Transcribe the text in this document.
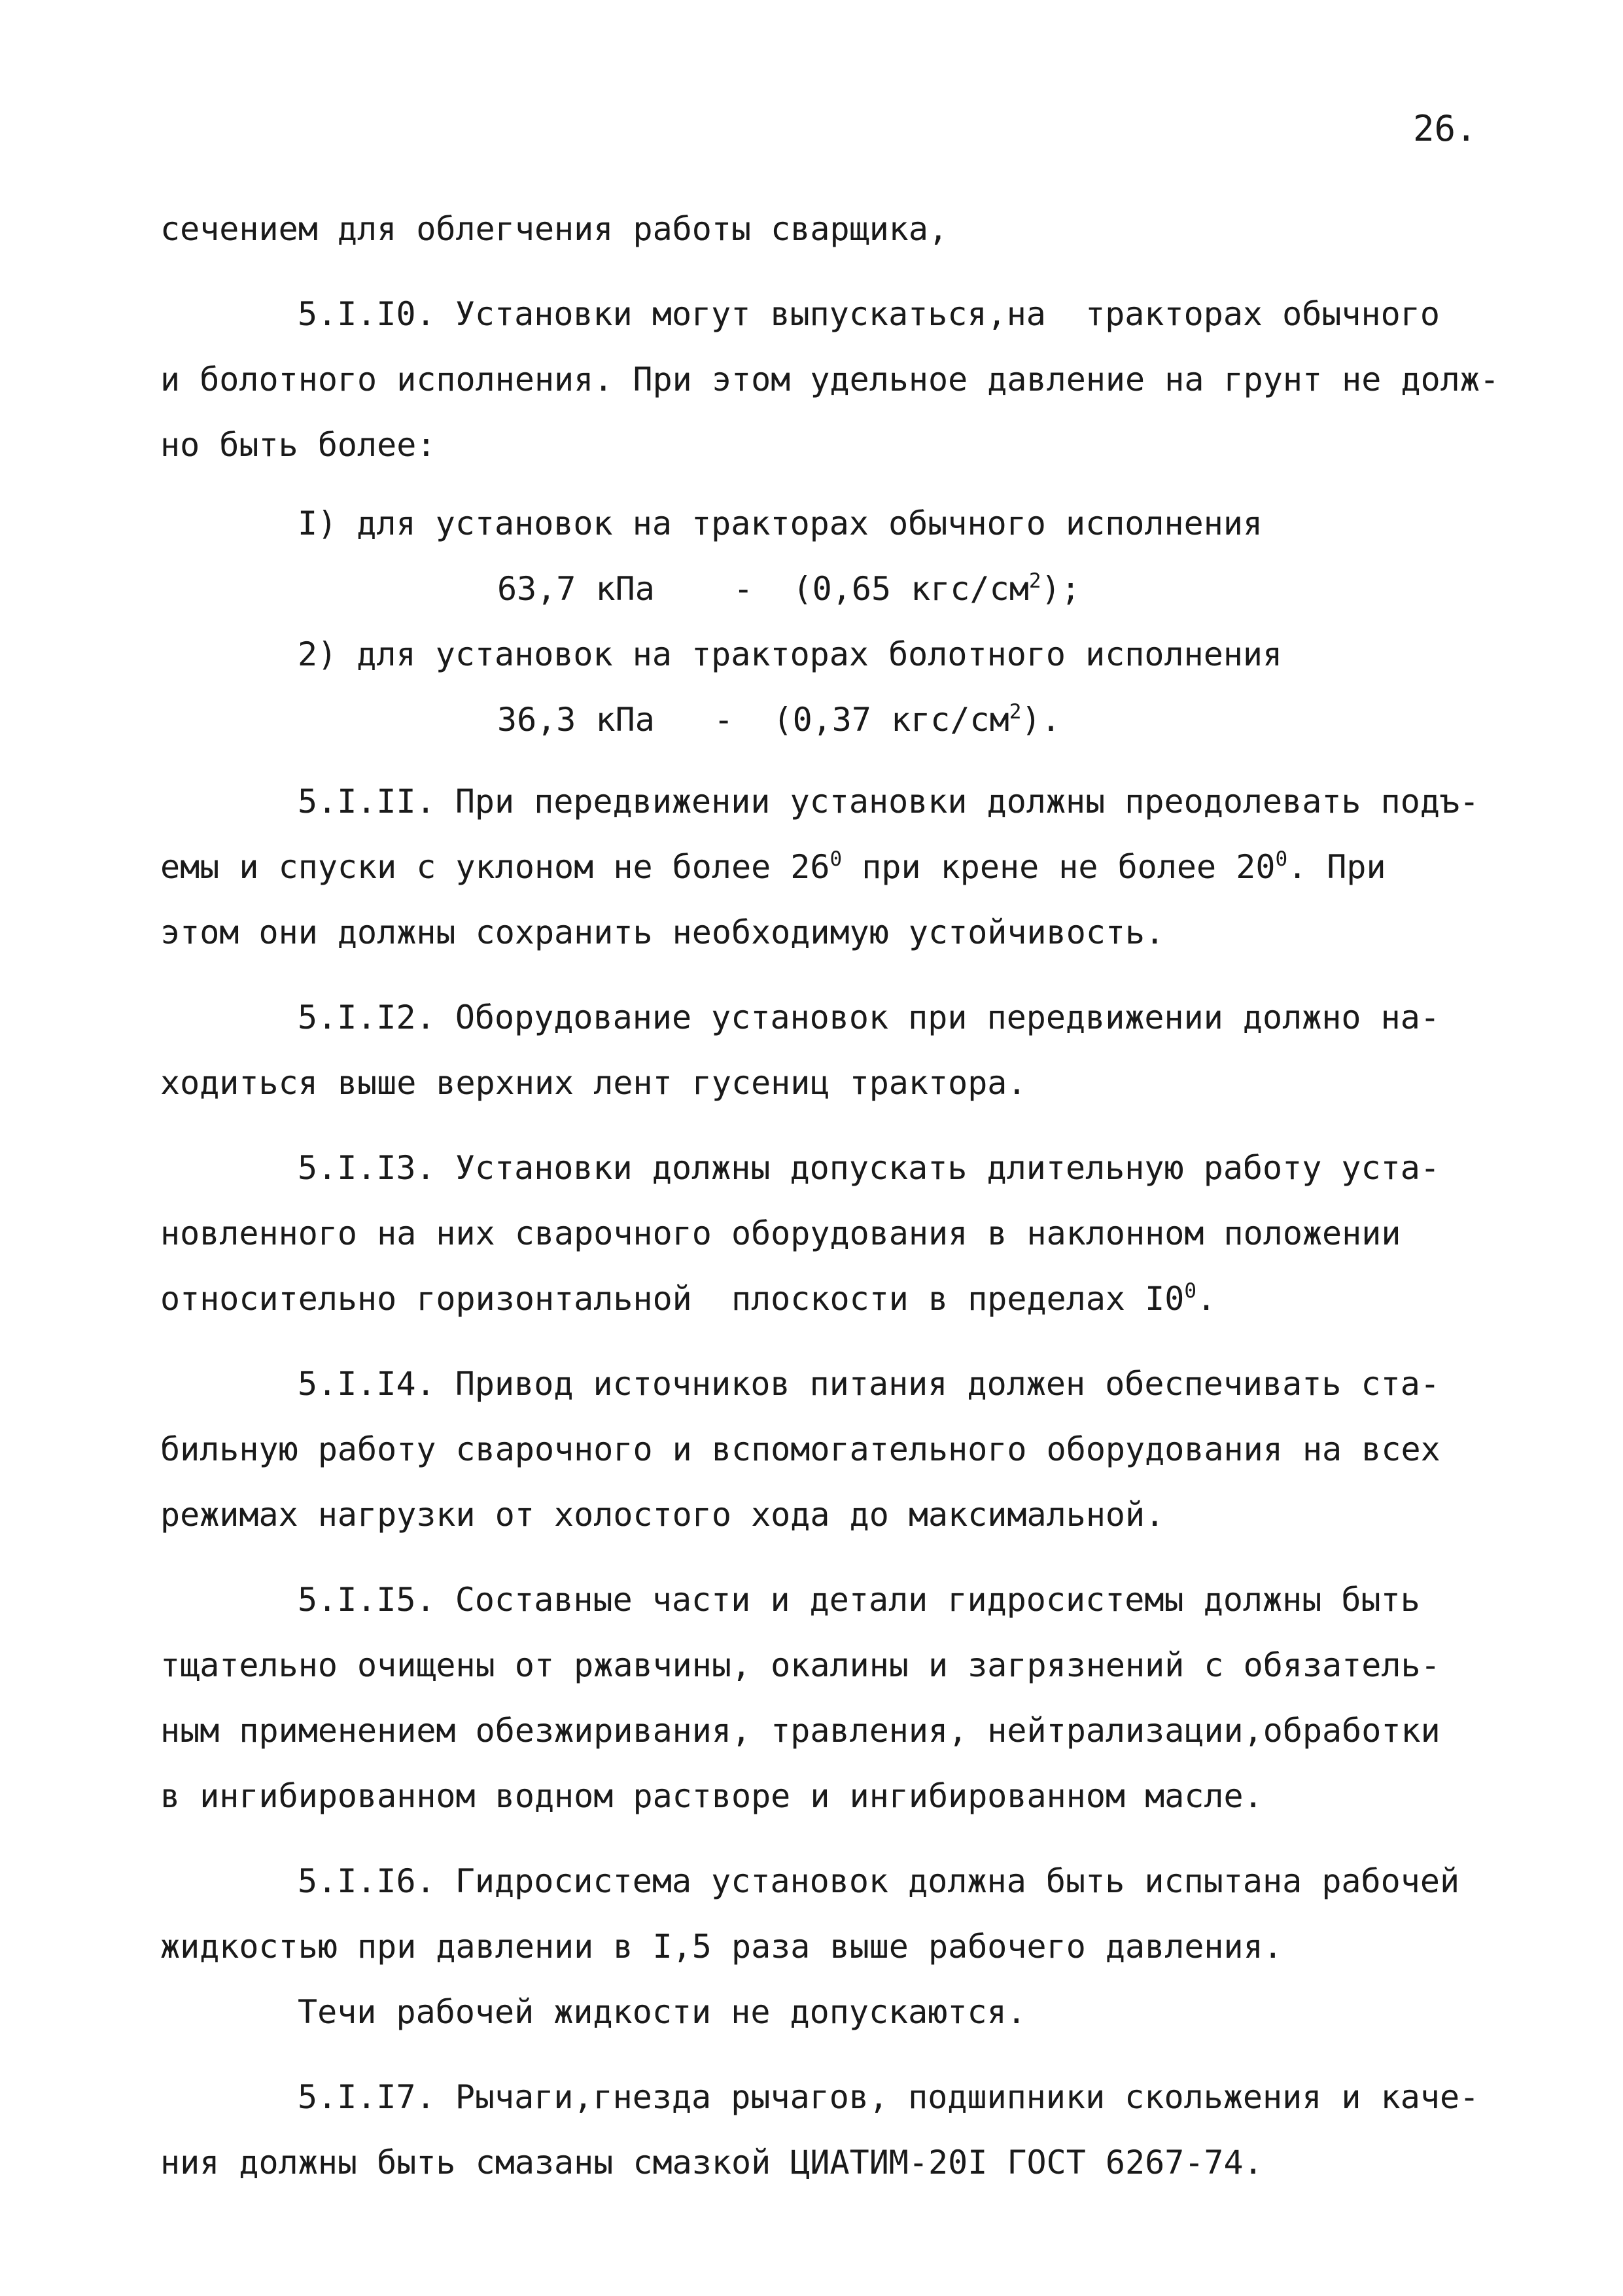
26.
сечением для облегчения работы сварщика,
5.I.I0. Установки могут выпускаться,на  тракторах обычного
и болотного исполнения. При этом удельное давление на грунт не долж-
но быть более:
I) для установок на тракторах обычного исполнения
63,7 кПа - (0,65 кгс/$см^2$);
2) для установок на тракторах болотного исполнения
36,3 кПа - (0,37 кгс/$см^2$).
5.I.II. При передвижении установки должны преодолевать подъ-
емы и спуски с уклоном не более $26^0$ при крене не более $20^0$. При
этом они должны сохранить необходимую устойчивость.
5.I.I2. Оборудование установок при передвижении должно на-
ходиться выше верхних лент гусениц трактора.
5.I.I3. Установки должны допускать длительную работу уста-
новленного на них сварочного оборудования в наклонном положении
относительно горизонтальной  плоскости в пределах $I0^0$.
5.I.I4. Привод источников питания должен обеспечивать ста-
бильную работу сварочного и вспомогательного оборудования на всех
режимах нагрузки от холостого хода до максимальной.
5.I.I5. Составные части и детали гидросистемы должны быть
тщательно очищены от ржавчины, окалины и загрязнений с обязатель-
ным применением обезжиривания, травления, нейтрализации,обработки
в ингибированном водном растворе и ингибированном масле.
5.I.I6. Гидросистема установок должна быть испытана рабочей
жидкостью при давлении в I,5 раза выше рабочего давления.
Течи рабочей жидкости не допускаются.
5.I.I7. Рычаги,гнезда рычагов, подшипники скольжения и каче-
ния должны быть смазаны смазкой ЦИАТИМ-20I ГОСТ 6267-74.
